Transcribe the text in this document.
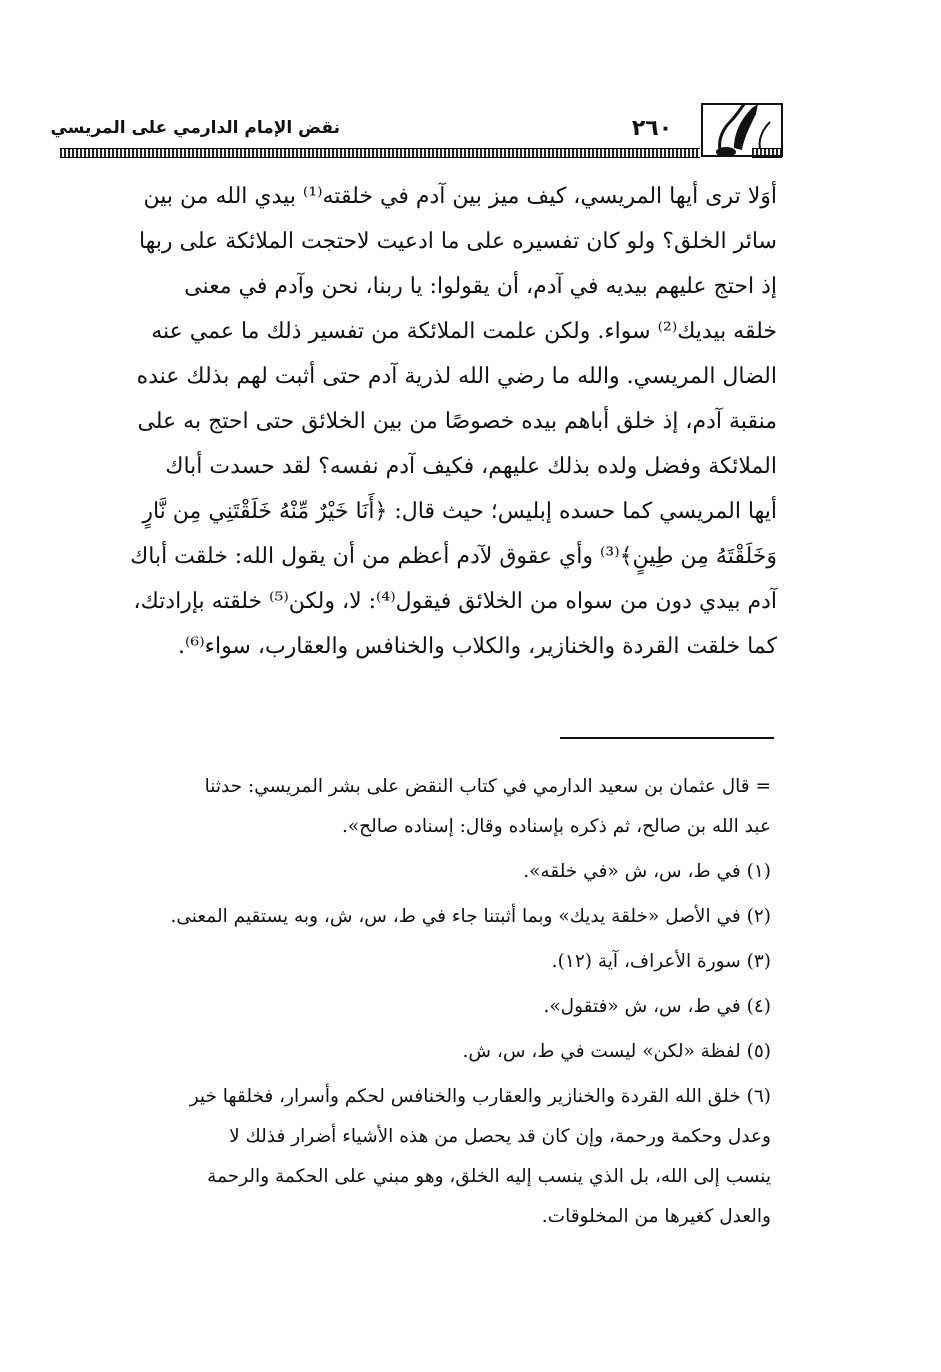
نقض الإمام الدارمي على المريسي	٢٦٠
أوَلا ترى أيها المريسي، كيف ميز بين آدم في خلقته⁽¹⁾ بيدي الله من بين
سائر الخلق؟ ولو كان تفسيره على ما ادعيت لاحتجت الملائكة على ربها
إذ احتج عليهم بيديه في آدم، أن يقولوا: يا ربنا، نحن وآدم في معنى
خلقه بيديك⁽²⁾ سواء. ولكن علمت الملائكة من تفسير ذلك ما عمي عنه
الضال المريسي. والله ما رضي الله لذرية آدم حتى أثبت لهم بذلك عنده
منقبة آدم، إذ خلق أباهم بيده خصوصًا من بين الخلائق حتى احتج به على
الملائكة وفضل ولده بذلك عليهم، فكيف آدم نفسه؟ لقد حسدت أباك
أيها المريسي كما حسده إبليس؛ حيث قال: ﴿أَنَا خَيْرٌ مِّنْهُ خَلَقْتَنِي مِن نَّارٍ
وَخَلَقْتَهُ مِن طِينٍ﴾⁽³⁾ وأي عقوق لآدم أعظم من أن يقول الله: خلقت أباك
آدم بيدي دون من سواه من الخلائق فيقول⁽⁴⁾: لا، ولكن⁽⁵⁾ خلقته بإرادتك،
كما خلقت القردة والخنازير، والكلاب والخنافس والعقارب، سواء⁽⁶⁾.
= قال عثمان بن سعيد الدارمي في كتاب النقض على بشر المريسي: حدثنا
عبد الله بن صالح، ثم ذكره بإسناده وقال: إسناده صالح».
(١) في ط، س، ش «في خلقه».
(٢) في الأصل «خلقة يديك» وبما أثبتنا جاء في ط، س، ش، وبه يستقيم المعنى.
(٣) سورة الأعراف، آية (١٢).
(٤) في ط، س، ش «فتقول».
(٥) لفظة «لكن» ليست في ط، س، ش.
(٦) خلق الله القردة والخنازير والعقارب والخنافس لحكم وأسرار، فخلقها خير
وعدل وحكمة ورحمة، وإن كان قد يحصل من هذه الأشياء أضرار فذلك لا
ينسب إلى الله، بل الذي ينسب إليه الخلق، وهو مبني على الحكمة والرحمة
والعدل كغيرها من المخلوقات.
